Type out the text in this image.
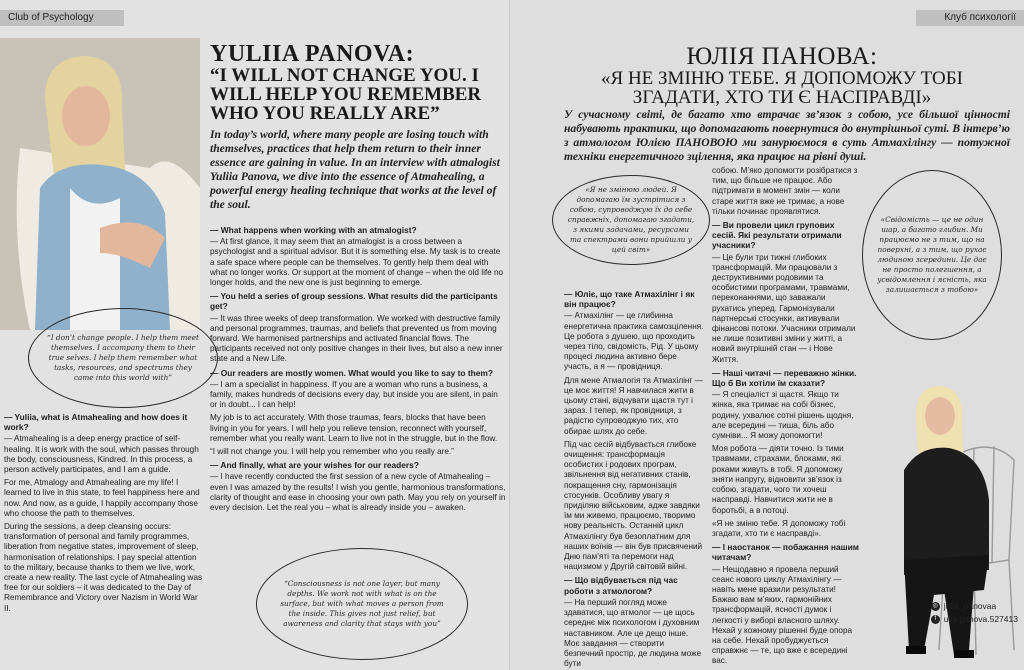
Club of Psychology
YULIIA PANOVA:
“I WILL NOT CHANGE YOU. I WILL HELP YOU REMEMBER WHO YOU REALLY ARE”

In today’s world, where many people are losing touch with themselves, practices that help them return to their inner essence are gaining in value. In an interview with atmalogist Yuliia Panova, we dive into the essence of Atmahealing, a powerful energy healing technique that works at the level of the soul.

“I don’t change people. I help them meet themselves. I accompany them to their true selves. I help them remember what tasks, resources, and spectrums they came into this world with”

— Yuliia, what is Atmahealing and how does it work?

— Atmahealing is a deep energy practice of self-healing. It is work with the soul, which passes through the body, consciousness, Kindred. In this process, a person actively participates, and I am a guide.

For me, Atmalogy and Atmahealing are my life! I learned to live in this state, to feel happiness here and now. And now, as a guide, I happily accompany those who choose the path to themselves.

During the sessions, a deep cleansing occurs: transformation of personal and family programmes, liberation from negative states, improvement of sleep, harmonisation of relationships. I pay special attention to the military, because thanks to them we live, work, create a new reality. The last cycle of Atmahealing was free for our soldiers – it was dedicated to the Day of Remembrance and Victory over Nazism in World War II.

— What happens when working with an atmalogist?

— At first glance, it may seem that an atmalogist is a cross between a psychologist and a spiritual advisor. But it is something else. My task is to create a safe space where people can be themselves. To gently help them deal with what no longer works. Or support at the moment of change – when the old life no longer holds, and the new one is just beginning to emerge.

— You held a series of group sessions. What results did the participants get?

— It was three weeks of deep transformation. We worked with destructive family and personal programmes, traumas, and beliefs that prevented us from moving forward. We harmonised partnerships and activated financial flows. The participants received not only positive changes in their lives, but also a new inner state and a New Life.

— Our readers are mostly women. What would you like to say to them?

— I am a specialist in happiness. If you are a woman who runs a business, a family, makes hundreds of decisions every day, but inside you are silent, in pain or in doubt... I can help!

My job is to act accurately. With those traumas, fears, blocks that have been living in you for years. I will help you relieve tension, reconnect with yourself, remember what you really want. Learn to live not in the struggle, but in the flow.

“I will not change you. I will help you remember who you really are.”

— And finally, what are your wishes for our readers?

— I have recently conducted the first session of a new cycle of Atmahealing – even I was amazed by the results! I wish you gentle, harmonious transformations, clarity of thought and ease in choosing your own path. May you rely on yourself in every decision. Let the real you – what is already inside you – awaken.

“Consciousness is not one layer, but many depths. We work not with what is on the surface, but with what moves a person from the inside. This gives not just relief, but awareness and clarity that stays with you”
Клуб психології
ЮЛІЯ ПАНОВА:
«Я НЕ ЗМІНЮ ТЕБЕ. Я ДОПОМОЖУ ТОБІ ЗГАДАТИ, ХТО ТИ Є НАСПРАВДІ»

У сучасному світі, де багато хто втрачає зв’язок з собою, усе більшої цінності набувають практики, що допомагають повернутися до внутрішньої суті. В інтерв’ю з атмологом Юлією ПАНОВОЮ ми занурюємося в суть Атмахілінгу — потужної техніки енергетичного зцілення, яка працює на рівні душі.

«Я не змінюю людей. Я допомагаю їм зустрітися з собою, супроводжую їх до себе справжніх, допомагаю згадати, з якими задачами, ресурсами та спектрами вони прийшли у цей світ»

— Юліє, що таке Атмахілінг і як він працює?

— Атмахілінг — це глибинна енергетична практика самозцілення. Це робота з душею, що проходить через тіло, свідомість, Рід. У цьому процесі людина активно бере участь, а я — провідниця.

Для мене Атмалогія та Атмахілінг — це моє життя! Я навчилася жити в цьому стані, відчувати щастя тут і зараз. І тепер, як провідниця, з радістю супроводжую тих, хто обирає шлях до себе.

Під час сесій відбувається глибоке очищення: трансформація особистих і родових програм, звільнення від негативних станів, покращення сну, гармонізація стосунків. Особливу увагу я приділяю військовим, адже завдяки їм ми живемо, працюємо, творимо нову реальність. Останній цикл Атмахілінгу був безоплатним для наших воїнів — він був присвячений Дню пам’яті та перемоги над нацизмом у Другій світовій війні.

— Що відбувається під час роботи з атмологом?

— На перший погляд може здаватися, що атмолог — це щось середнє між психологом і духовним наставником. Але це дещо інше. Моє завдання — створити безпечний простір, де людина може бути

собою. М’яко допомогти розібратися з тим, що більше не працює. Або підтримати в момент змін — коли старе життя вже не тримає, а нове тільки починає проявлятися.

— Ви провели цикл групових сесій. Які результати отримали учасники?

— Це були три тижні глибоких трансформацій. Ми працювали з деструктивними родовими та особистими програмами, травмами, переконаннями, що заважали рухатись уперед. Гармонізували партнерські стосунки, активували фінансові потоки. Учасники отримали не лише позитивні зміни у житті, а новий внутрішній стан — і Нове Життя.

— Наші читачі — переважно жінки. Що б Ви хотіли їм сказати?

— Я спеціаліст зі щастя. Якщо ти жінка, яка тримає на собі бізнес, родину, ухвалює сотні рішень щодня, але всередині — тиша, біль або сумніви... Я можу допомогти!

Моя робота — діяти точно. Із тими травмами, страхами, блоками, які роками живуть в тобі. Я допоможу зняти напругу, відновити зв’язок із собою, згадати, чого ти хочеш насправді. Навчитися жити не в боротьбі, а в потоці.

«Я не зміню тебе. Я допоможу тобі згадати, хто ти є насправді».

— І наостанок — побажання нашим читачам?

— Нещодавно я провела перший сеанс нового циклу Атмахілінгу — навіть мене вразили результати! Бажаю вам м’яких, гармонійних трансформацій, ясності думок і легкості у виборі власного шляху. Нехай у кожному рішенні буде опора на себе. Нехай пробуджується справжнє — те, що вже є всередині вас.

«Свідомість — це не один шар, а багато глибин. Ми працюємо не з тим, що на поверхні, а з тим, що рухає людиною зсередини. Це дає не просто полегшення, а усвідомлення і ясність, яка залишається з тобою»
◎ julia_panovaa
f ulia.panova.527413
